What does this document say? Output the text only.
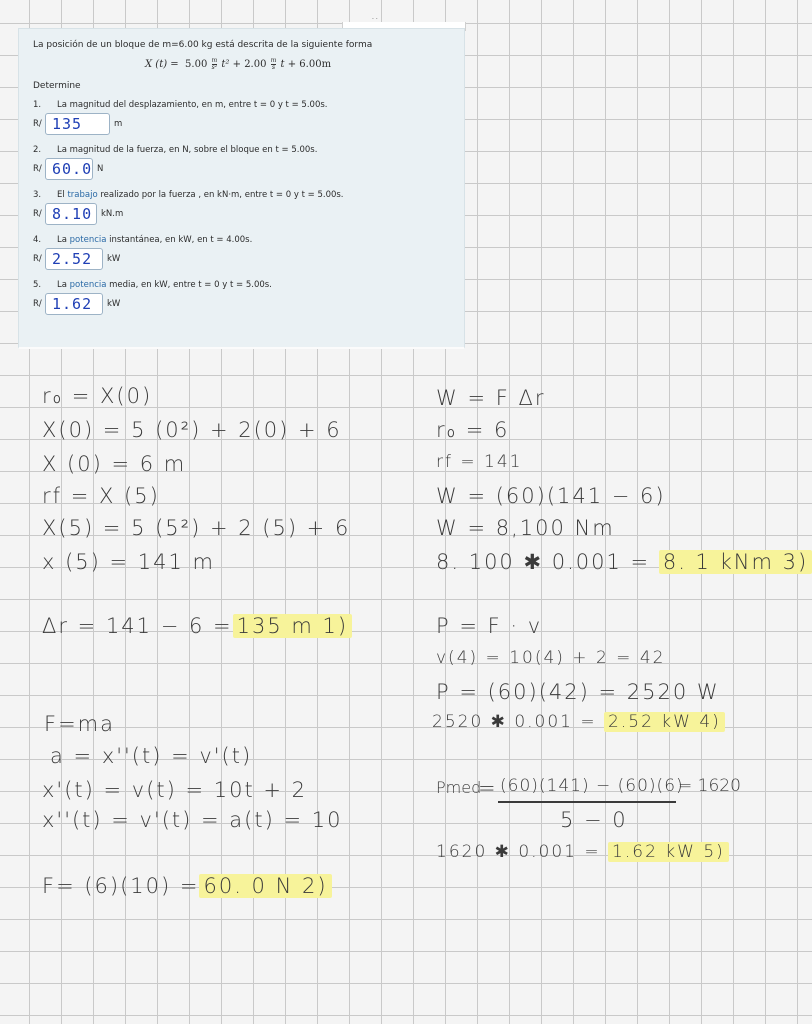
· ·
La posición de un bloque de m=6.00 kg está descrita de la siguiente forma
X $(t) = 5.00 \frac{m}{\text{s²}} t^2 + 2.00 \frac{m}{s}$ t + 6.00m
Determine
1. La magnitud del desplazamiento, en m, entre t = 0 y t = 5.00s.
R/ 135	m
2. La magnitud de la fuerza, en N, sobre el bloque en t = 5.00s.
R/ 60.0 N
3. El trabajo realizado por la fuerza , en kN·m, entre t = 0 y t = 5.00s.
R/ 8.10	kN.m
4. La potencia instantánea, en kW, en t = 4.00s.
R/ 2.52	kW
5. La potencia media, en kW, entre t = 0 y t = 5.00s.
R/ 1.62	kW
r₀ = X(0)
X(0) = 5 (0²) + 2(0) + 6
X (0) = 6 m
rf = X (5)
X(5) = 5 (5²) + 2 (5) + 6
x (5) = 141 m
Δr = 141 − 6 = 135 m 1)
F=ma
a = x''(t) = v'(t)
x'(t) = v(t) = 10t + 2
x''(t) = v'(t) = a(t) = 10
F= (6)(10) = 60. 0 N 2)
W = F Δr
r₀ = 6
rf = 141
W = (60)(141 − 6)
W = 8,100 Nm
8. 100 ✱ 0.001 = 8. 1 kNm 3)
P = F · v
v(4) = 10(4) + 2 = 42
P = (60)(42) = 2520 W
2520 ✱ 0.001 = 2.52 kW 4)
Pmed
= (60)(141) − (60)(6)
= 1620
5 − 0
1620 ✱ 0.001 = 1.62 kW 5)
